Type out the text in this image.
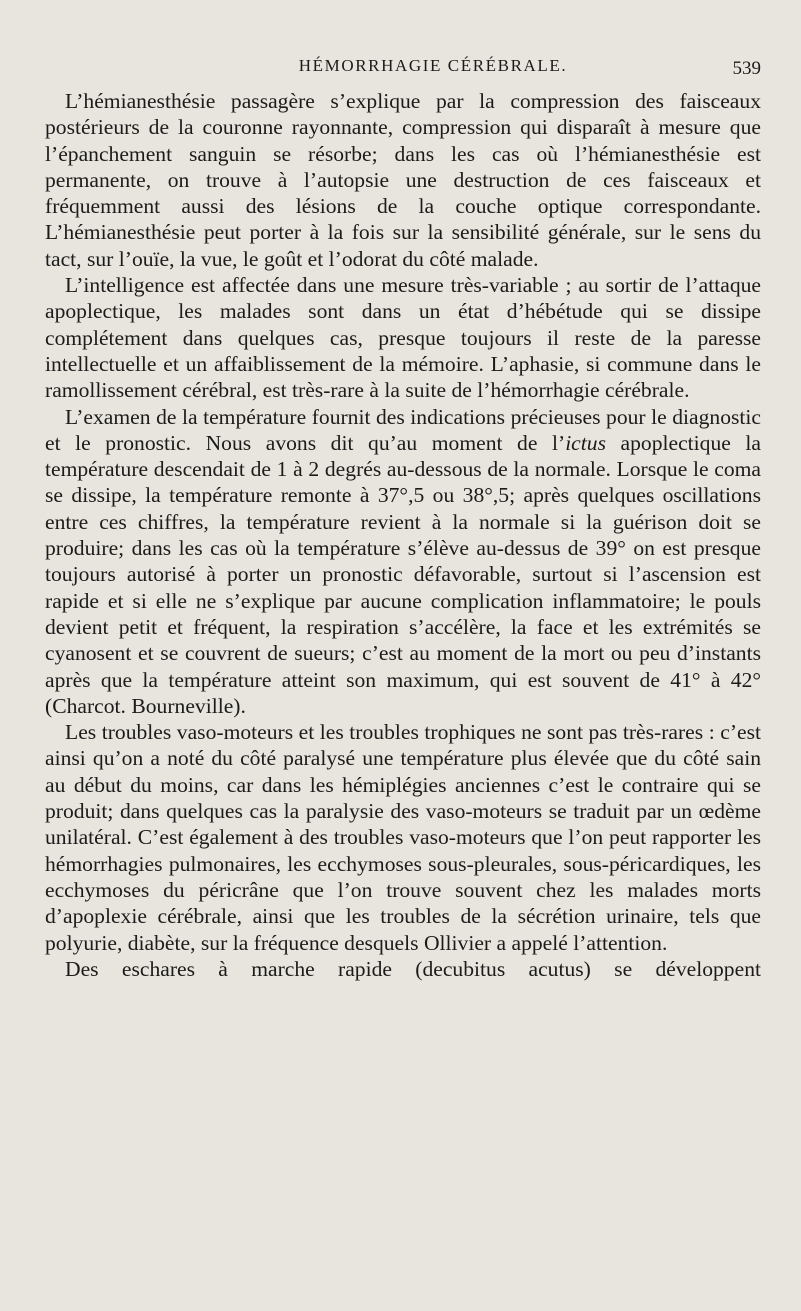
HÉMORRHAGIE CÉRÉBRALE.	539

L’hémianesthésie passagère s’explique par la compression des faisceaux postérieurs de la couronne rayonnante, compression qui disparaît à mesure que l’épanchement sanguin se résorbe; dans les cas où l’hémianesthésie est permanente, on trouve à l’autopsie une destruction de ces faisceaux et fréquemment aussi des lésions de la couche optique correspondante. L’hémianesthésie peut porter à la fois sur la sensibilité générale, sur le sens du tact, sur l’ouïe, la vue, le goût et l’odorat du côté malade.

L’intelligence est affectée dans une mesure très-variable ; au sortir de l’attaque apoplectique, les malades sont dans un état d’hébétude qui se dissipe complétement dans quelques cas, presque toujours il reste de la paresse intellectuelle et un affaiblissement de la mémoire. L’aphasie, si commune dans le ramollissement cérébral, est très-rare à la suite de l’hémorrhagie cérébrale.

L’examen de la température fournit des indications précieuses pour le diagnostic et le pronostic. Nous avons dit qu’au moment de l’ictus apoplectique la température descendait de 1 à 2 degrés au-dessous de la normale. Lorsque le coma se dissipe, la température remonte à 37°,5 ou 38°,5; après quelques oscillations entre ces chiffres, la température revient à la normale si la guérison doit se produire; dans les cas où la température s’élève au-dessus de 39° on est presque toujours autorisé à porter un pronostic défavorable, surtout si l’ascension est rapide et si elle ne s’explique par aucune complication inflammatoire; le pouls devient petit et fréquent, la respiration s’accélère, la face et les extrémités se cyanosent et se couvrent de sueurs; c’est au moment de la mort ou peu d’instants après que la température atteint son maximum, qui est souvent de 41° à 42° (Charcot. Bourneville).

Les troubles vaso-moteurs et les troubles trophiques ne sont pas très-rares : c’est ainsi qu’on a noté du côté paralysé une température plus élevée que du côté sain au début du moins, car dans les hémiplégies anciennes c’est le contraire qui se produit; dans quelques cas la paralysie des vaso-moteurs se traduit par un œdème unilatéral. C’est également à des troubles vaso-moteurs que l’on peut rapporter les hémorrhagies pulmonaires, les ecchymoses sous-pleurales, sous-péricardiques, les ecchymoses du péricrâne que l’on trouve souvent chez les malades morts d’apoplexie cérébrale, ainsi que les troubles de la sécrétion urinaire, tels que polyurie, diabète, sur la fréquence desquels Ollivier a appelé l’attention.

Des eschares à marche rapide (decubitus acutus) se développent
